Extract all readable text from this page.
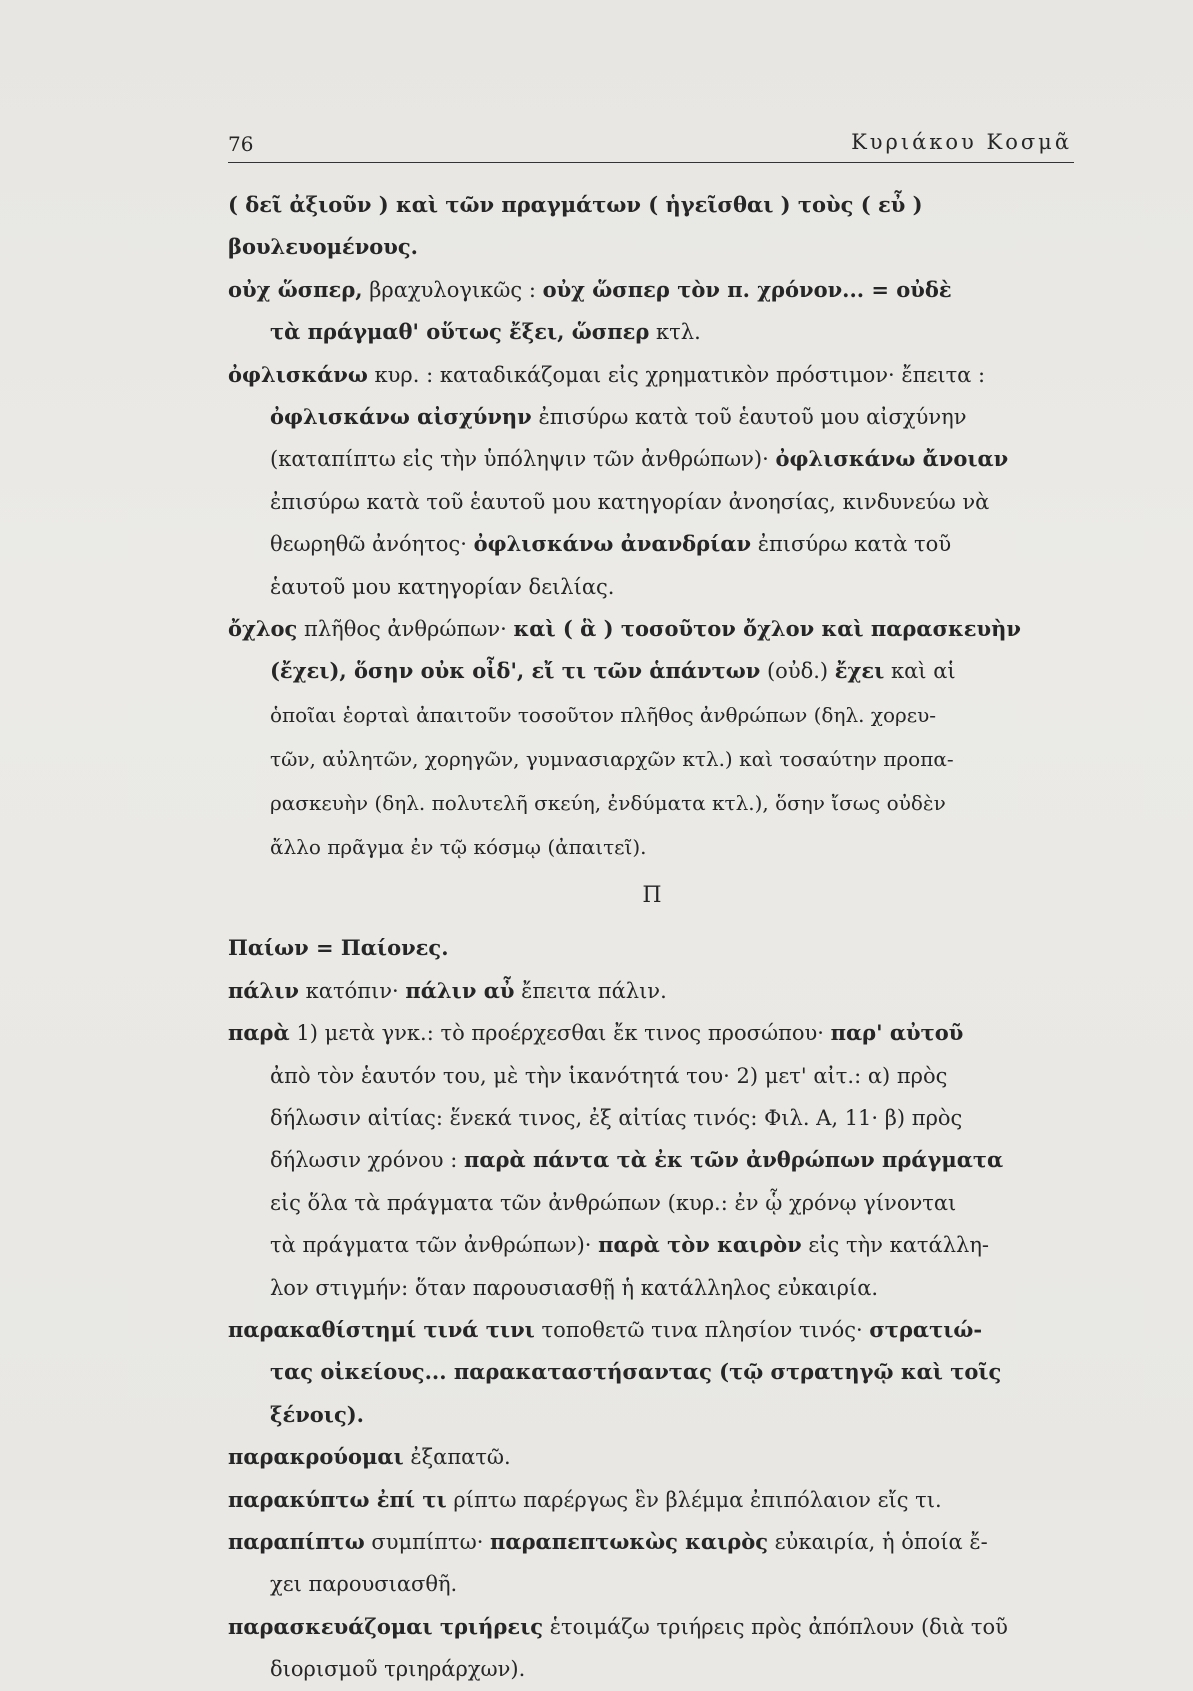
76	Κυριάκου Κοσμᾶ
( δεῖ ἀξιοῦν ) καὶ τῶν πραγμάτων ( ἡγεῖσθαι ) τοὺς ( εὖ )
βουλευομένους.
οὐχ ὥσπερ, βραχυλογικῶς : οὐχ ὥσπερ τὸν π. χρόνον... = οὐδὲ
τὰ πράγμαθ' οὕτως ἔξει, ὥσπερ κτλ.
ὀφλισκάνω κυρ. : καταδικάζομαι εἰς χρηματικὸν πρόστιμον· ἔπειτα :
ὀφλισκάνω αἰσχύνην ἐπισύρω κατὰ τοῦ ἑαυτοῦ μου αἰσχύνην
(καταπίπτω εἰς τὴν ὑπόληψιν τῶν ἀνθρώπων)· ὀφλισκάνω ἄνοιαν
ἐπισύρω κατὰ τοῦ ἑαυτοῦ μου κατηγορίαν ἀνοησίας, κινδυνεύω νὰ
θεωρηθῶ ἀνόητος· ὀφλισκάνω ἀνανδρίαν ἐπισύρω κατὰ τοῦ
ἑαυτοῦ μου κατηγορίαν δειλίας.
ὄχλος πλῆθος ἀνθρώπων· καὶ ( ἃ ) τοσοῦτον ὄχλον καὶ παρασκευὴν
(ἔχει), ὅσην οὐκ οἶδ', εἴ τι τῶν ἁπάντων (οὐδ.) ἔχει καὶ αἱ
ὁποῖαι ἑορταὶ ἀπαιτοῦν τοσοῦτον πλῆθος ἀνθρώπων (δηλ. χορευ-
τῶν, αὐλητῶν, χορηγῶν, γυμνασιαρχῶν κτλ.) καὶ τοσαύτην προπα-
ρασκευὴν (δηλ. πολυτελῆ σκεύη, ἐνδύματα κτλ.), ὅσην ἴσως οὐδὲν
ἄλλο πρᾶγμα ἐν τῷ κόσμῳ (ἀπαιτεῖ).
Π
Παίων = Παίονες.
πάλιν κατόπιν· πάλιν αὖ ἔπειτα πάλιν.
παρὰ 1) μετὰ γνκ.: τὸ προέρχεσθαι ἔκ τινος προσώπου· παρ' αὐτοῦ
ἀπὸ τὸν ἑαυτόν του, μὲ τὴν ἱκανότητά του· 2) μετ' αἰτ.: α) πρὸς
δήλωσιν αἰτίας: ἕνεκά τινος, ἐξ αἰτίας τινός: Φιλ. Α, 11· β) πρὸς
δήλωσιν χρόνου : παρὰ πάντα τὰ ἐκ τῶν ἀνθρώπων πράγματα
εἰς ὅλα τὰ πράγματα τῶν ἀνθρώπων (κυρ.: ἐν ᾧ χρόνῳ γίνονται
τὰ πράγματα τῶν ἀνθρώπων)· παρὰ τὸν καιρὸν εἰς τὴν κατάλλη-
λον στιγμήν: ὅταν παρουσιασθῇ ἡ κατάλληλος εὐκαιρία.
παρακαθίστημί τινά τινι τοποθετῶ τινα πλησίον τινός· στρατιώ-
τας οἰκείους... παρακαταστήσαντας (τῷ στρατηγῷ καὶ τοῖς
ξένοις).
παρακρούομαι ἐξαπατῶ.
παρακύπτω ἐπί τι ρίπτω παρέργως ἓν βλέμμα ἐπιπόλαιον εἴς τι.
παραπίπτω συμπίπτω· παραπεπτωκὼς καιρὸς εὐκαιρία, ἡ ὁποία ἔ-
χει παρουσιασθῆ.
παρασκευάζομαι τριήρεις ἑτοιμάζω τριήρεις πρὸς ἀπόπλουν (διὰ τοῦ
διορισμοῦ τριηράρχων).
